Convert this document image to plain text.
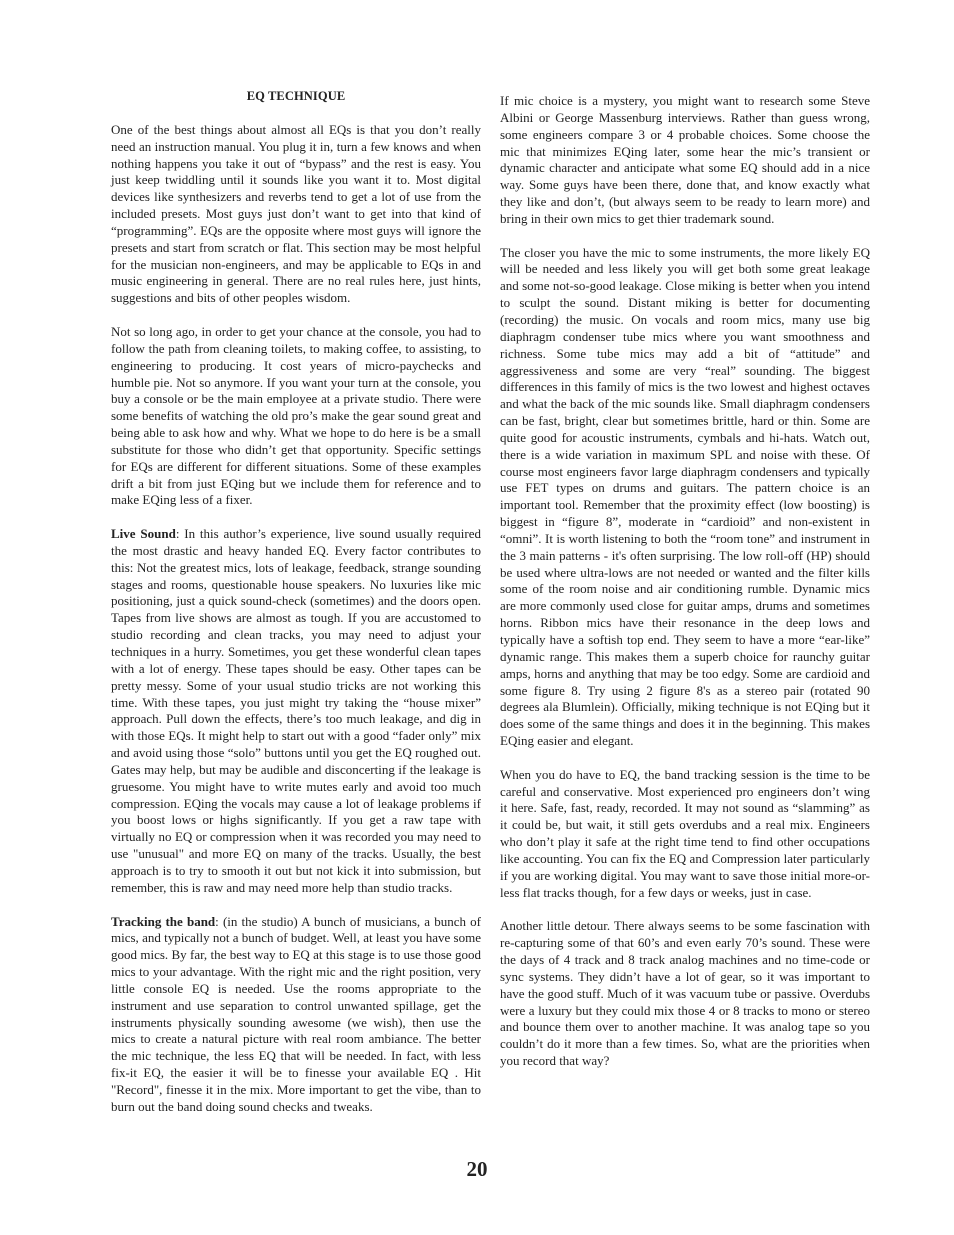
EQ TECHNIQUE

One of the best things about almost all EQs is that you don’t really need an instruction manual. You plug it in, turn a few knows and when nothing happens you take it out of “bypass” and the rest is easy. You just keep twiddling until it sounds like you want it to. Most digital devices like synthesizers and reverbs tend to get a lot of use from the included presets. Most guys just don’t want to get into that kind of “programming”. EQs are the opposite where most guys will ignore the presets and start from scratch or flat. This section may be most helpful for the musician non-engineers, and may be applicable to EQs in and music engineering in general. There are no real rules here, just hints, suggestions and bits of other peoples wisdom.

Not so long ago, in order to get your chance at the console, you had to follow the path from cleaning toilets, to making coffee, to assisting, to engineering to producing. It cost years of micro-paychecks and humble pie. Not so anymore. If you want your turn at the console, you buy a console or be the main employee at a private studio. There were some benefits of watching the old pro’s make the gear sound great and being able to ask how and why. What we hope to do here is be a small substitute for those who didn’t get that opportunity. Specific settings for EQs are different for different situations. Some of these examples drift a bit from just EQing but we include them for reference and to make EQing less of a fixer.

Live Sound: In this author’s experience, live sound usually required the most drastic and heavy handed EQ. Every factor contributes to this: Not the greatest mics, lots of leakage, feedback, strange sounding stages and rooms, questionable house speakers. No luxuries like mic positioning, just a quick sound-check (sometimes) and the doors open. Tapes from live shows are almost as tough. If you are accustomed to studio recording and clean tracks, you may need to adjust your techniques in a hurry. Sometimes, you get these wonderful clean tapes with a lot of energy. These tapes should be easy. Other tapes can be pretty messy. Some of your usual studio tricks are not working this time. With these tapes, you just might try taking the “house mixer” approach. Pull down the effects, there’s too much leakage, and dig in with those EQs. It might help to start out with a good “fader only” mix and avoid using those “solo” buttons until you get the EQ roughed out. Gates may help, but may be audible and disconcerting if the leakage is gruesome. You might have to write mutes early and avoid too much compression. EQing the vocals may cause a lot of leakage problems if you boost lows or highs significantly. If you get a raw tape with virtually no EQ or compression when it was recorded you may need to use "unusual" and more EQ on many of the tracks. Usually, the best approach is to try to smooth it out but not kick it into submission, but remember, this is raw and may need more help than studio tracks.

Tracking the band: (in the studio) A bunch of musicians, a bunch of mics, and typically not a bunch of budget. Well, at least you have some good mics. By far, the best way to EQ at this stage is to use those good mics to your advantage. With the right mic and the right position, very little console EQ is needed. Use the rooms appropriate to the instrument and use separation to control unwanted spillage, get the instruments physically sounding awesome (we wish), then use the mics to create a natural picture with real room ambiance. The better the mic technique, the less EQ that will be needed. In fact, with less fix-it EQ, the easier it will be to finesse your available EQ . Hit "Record", finesse it in the mix. More important to get the vibe, than to burn out the band doing sound checks and tweaks.

If mic choice is a mystery, you might want to research some Steve Albini or George Massenburg interviews. Rather than guess wrong, some engineers compare 3 or 4 probable choices. Some choose the mic that minimizes EQing later, some hear the mic’s transient or dynamic character and anticipate what some EQ should add in a nice way. Some guys have been there, done that, and know exactly what they like and don’t, (but always seem to be ready to learn more) and bring in their own mics to get thier trademark sound.

The closer you have the mic to some instruments, the more likely EQ will be needed and less likely you will get both some great leakage and some not-so-good leakage. Close miking is better when you intend to sculpt the sound. Distant miking is better for documenting (recording) the music. On vocals and room mics, many use big diaphragm condenser tube mics where you want smoothness and richness. Some tube mics may add a bit of “attitude” and aggressiveness and some are very “real” sounding. The biggest differences in this family of mics is the two lowest and highest octaves and what the back of the mic sounds like. Small diaphragm condensers can be fast, bright, clear but sometimes brittle, hard or thin. Some are quite good for acoustic instruments, cymbals and hi-hats. Watch out, there is a wide variation in maximum SPL and noise with these. Of course most engineers favor large diaphragm condensers and typically use FET types on drums and guitars. The pattern choice is an important tool. Remember that the proximity effect (low boosting) is biggest in “figure 8”, moderate in “cardioid” and non-existent in “omni”. It is worth listening to both the “room tone” and instrument in the 3 main patterns - it's often surprising. The low roll-off (HP) should be used where ultra-lows are not needed or wanted and the filter kills some of the room noise and air conditioning rumble. Dynamic mics are more commonly used close for guitar amps, drums and sometimes horns. Ribbon mics have their resonance in the deep lows and typically have a softish top end. They seem to have a more “ear-like” dynamic range. This makes them a superb choice for raunchy guitar amps, horns and anything that may be too edgy. Some are cardioid and some figure 8. Try using 2 figure 8's as a stereo pair (rotated 90 degrees ala Blumlein). Officially, miking technique is not EQing but it does some of the same things and does it in the beginning. This makes EQing easier and elegant.

When you do have to EQ, the band tracking session is the time to be careful and conservative. Most experienced pro engineers don’t wing it here. Safe, fast, ready, recorded. It may not sound as “slamming” as it could be, but wait, it still gets overdubs and a real mix. Engineers who don’t play it safe at the right time tend to find other occupations like accounting. You can fix the EQ and Compression later particularly if you are working digital. You may want to save those initial more-or-less flat tracks though, for a few days or weeks, just in case.

Another little detour. There always seems to be some fascination with re-capturing some of that 60’s and even early 70’s sound. These were the days of 4 track and 8 track analog machines and no time-code or sync systems. They didn’t have a lot of gear, so it was important to have the good stuff. Much of it was vacuum tube or passive. Overdubs were a luxury but they could mix those 4 or 8 tracks to mono or stereo and bounce them over to another machine. It was analog tape so you couldn’t do it more than a few times. So, what are the priorities when you record that way?

20
